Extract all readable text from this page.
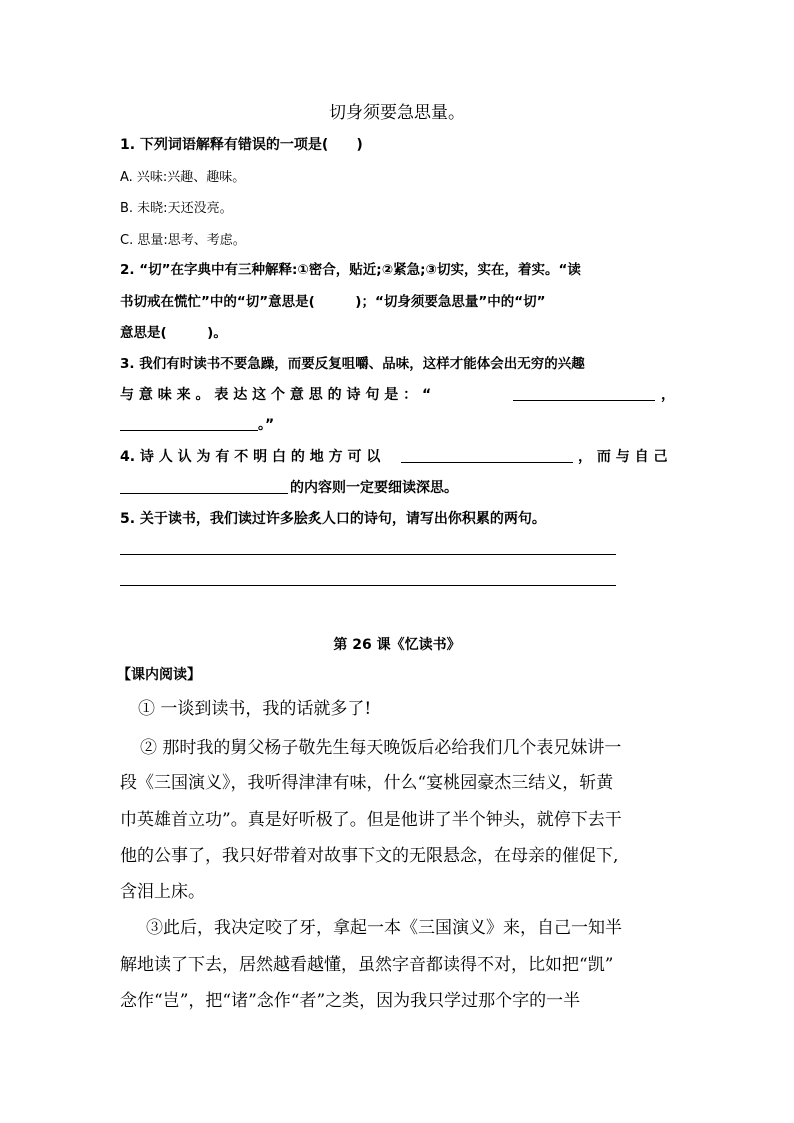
切身须要急思量。
1. 下列词语解释有错误的一项是(　　)
A. 兴味:兴趣、趣味。
B. 未晓:天还没亮。
C. 思量:思考、考虑。
2. “切”在字典中有三种解释:①密合，贴近;②紧急;③切实，实在，着实。“读
书切戒在慌忙”中的“切”意思是(　　　)；“切身须要急思量”中的“切”
意思是(　　　)。
3. 我们有时读书不要急躁，而要反复咀嚼、品味，这样才能体会出无穷的兴趣
与 意 味 来 。 表 达 这 个 意 思 的 诗 句 是 ： “	，
。”
4. 诗 人 认 为 有 不 明 白 的 地 方 可 以	， 而 与 自 己
的内容则一定要细读深思。
5. 关于读书，我们读过许多脍炙人口的诗句，请写出你积累的两句。
第 26 课《忆读书》
【课内阅读】
① 一谈到读书，我的话就多了!
② 那时我的舅父杨子敬先生每天晚饭后必给我们几个表兄妹讲一
段《三国演义》，我听得津津有味，什么“宴桃园豪杰三结义，斩黄
巾英雄首立功”。真是好听极了。但是他讲了半个钟头，就停下去干
他的公事了，我只好带着对故事下文的无限悬念，在母亲的催促下,
含泪上床。
③此后，我决定咬了牙，拿起一本《三国演义》来，自己一知半
解地读了下去，居然越看越懂，虽然字音都读得不对，比如把“凯”
念作“岂”，把“诸”念作“者”之类，因为我只学过那个字的一半
